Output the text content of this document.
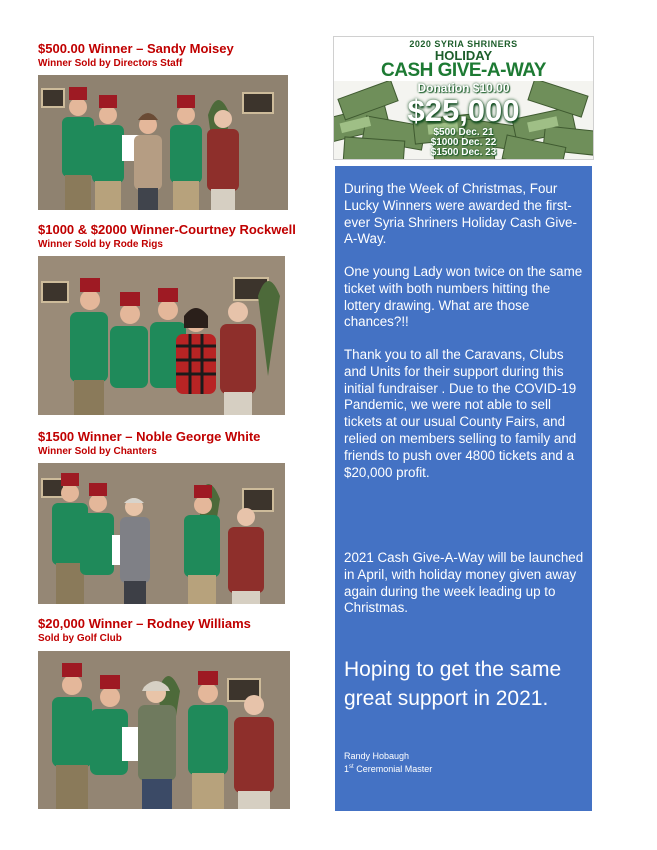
$500.00 Winner – Sandy Moisey
Winner Sold by Directors Staff
$1000 & $2000 Winner-Courtney Rockwell
Winner Sold by Rode Rigs
$1500 Winner – Noble George White
Winner Sold by Chanters
$20,000 Winner – Rodney Williams
Sold by Golf Club
2020 SYRIA SHRINERS
HOLIDAY
CASH GIVE-A-WAY
Donation $10.00
$25,000
$500 Dec. 21
$1000 Dec. 22
$1500 Dec. 23

During the Week of Christmas, Four Lucky Winners were awarded the first-ever Syria Shriners Holiday Cash Give-A-Way.

One young Lady won twice on the same ticket with both numbers hitting the lottery drawing. What are those chances?!!

Thank you to all the Caravans, Clubs and Units for their support during this initial fundraiser . Due to the COVID-19 Pandemic, we were not able to sell tickets at our usual County Fairs, and relied on members selling to family and friends to push over 4800 tickets and a $20,000 profit.

2021 Cash Give-A-Way will be launched in April, with holiday money given away again during the week leading up to Christmas.

Hoping to get the same great support in 2021.
Randy Hobaugh
1st Ceremonial Master
